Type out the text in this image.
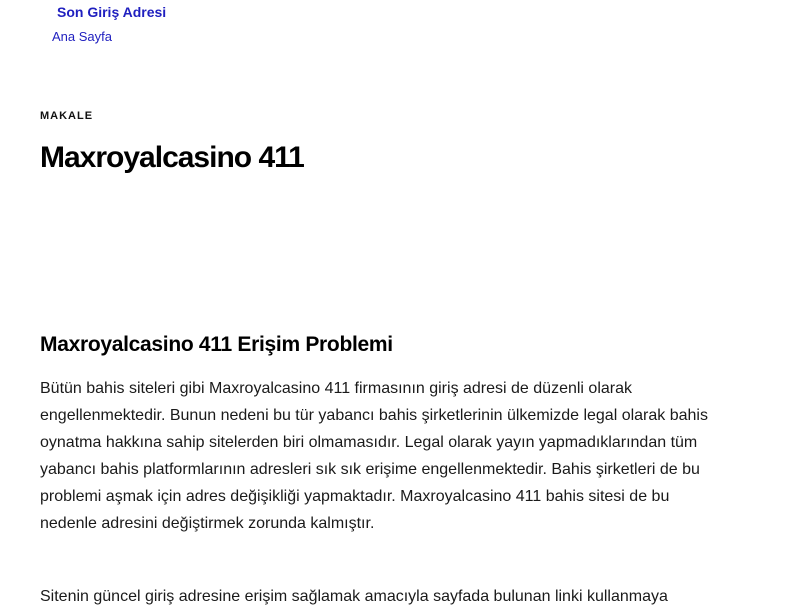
Son Giriş Adresi
Ana Sayfa
MAKALE
Maxroyalcasino 411
Maxroyalcasino 411 Erişim Problemi

Bütün bahis siteleri gibi Maxroyalcasino 411 firmasının giriş adresi de düzenli olarak engellenmektedir. Bunun nedeni bu tür yabancı bahis şirketlerinin ülkemizde legal olarak bahis oynatma hakkına sahip sitelerden biri olmamasıdır. Legal olarak yayın yapmadıklarından tüm yabancı bahis platformlarının adresleri sık sık erişime engellenmektedir. Bahis şirketleri de bu problemi aşmak için adres değişikliği yapmaktadır. Maxroyalcasino 411 bahis sitesi de bu nedenle adresini değiştirmek zorunda kalmıştır.

Sitenin güncel giriş adresine erişim sağlamak amacıyla sayfada bulunan linki kullanmaya
